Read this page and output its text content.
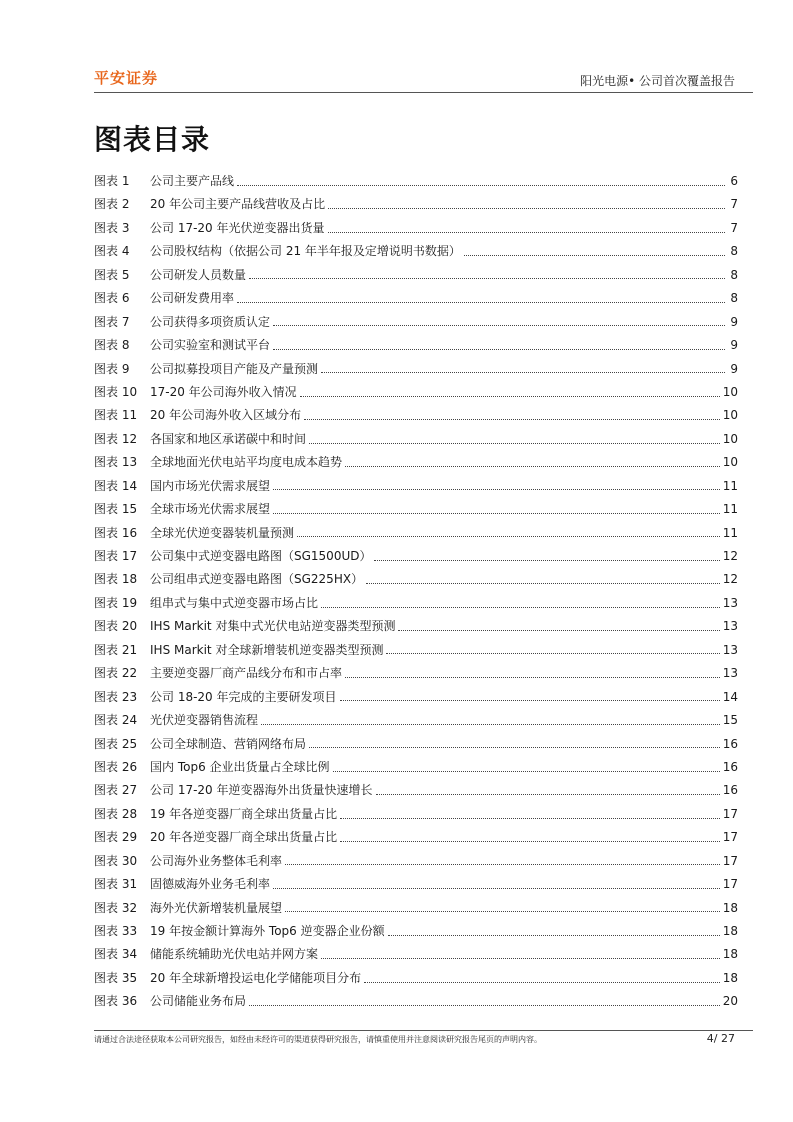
平安证券	阳光电源• 公司首次覆盖报告
图表目录
图表 1	公司主要产品线	6
图表 2	20 年公司主要产品线营收及占比	7
图表 3	公司 17-20 年光伏逆变器出货量	7
图表 4	公司股权结构（依据公司 21 年半年报及定增说明书数据）	8
图表 5	公司研发人员数量	8
图表 6	公司研发费用率	8
图表 7	公司获得多项资质认定	9
图表 8	公司实验室和测试平台	9
图表 9	公司拟募投项目产能及产量预测	9
图表 10	17-20 年公司海外收入情况	10
图表 11	20 年公司海外收入区域分布	10
图表 12	各国家和地区承诺碳中和时间	10
图表 13	全球地面光伏电站平均度电成本趋势	10
图表 14	国内市场光伏需求展望	11
图表 15	全球市场光伏需求展望	11
图表 16	全球光伏逆变器装机量预测	11
图表 17	公司集中式逆变器电路图（SG1500UD）	12
图表 18	公司组串式逆变器电路图（SG225HX）	12
图表 19	组串式与集中式逆变器市场占比	13
图表 20	IHS Markit 对集中式光伏电站逆变器类型预测	13
图表 21	IHS Markit 对全球新增装机逆变器类型预测	13
图表 22	主要逆变器厂商产品线分布和市占率	13
图表 23	公司 18-20 年完成的主要研发项目	14
图表 24	光伏逆变器销售流程	15
图表 25	公司全球制造、营销网络布局	16
图表 26	国内 Top6 企业出货量占全球比例	16
图表 27	公司 17-20 年逆变器海外出货量快速增长	16
图表 28	19 年各逆变器厂商全球出货量占比	17
图表 29	20 年各逆变器厂商全球出货量占比	17
图表 30	公司海外业务整体毛利率	17
图表 31	固德威海外业务毛利率	17
图表 32	海外光伏新增装机量展望	18
图表 33	19 年按金额计算海外 Top6 逆变器企业份额	18
图表 34	储能系统辅助光伏电站并网方案	18
图表 35	20 年全球新增投运电化学储能项目分布	18
图表 36	公司储能业务布局	20
请通过合法途径获取本公司研究报告，如经由未经许可的渠道获得研究报告，请慎重使用并注意阅读研究报告尾页的声明内容。	4/ 27
